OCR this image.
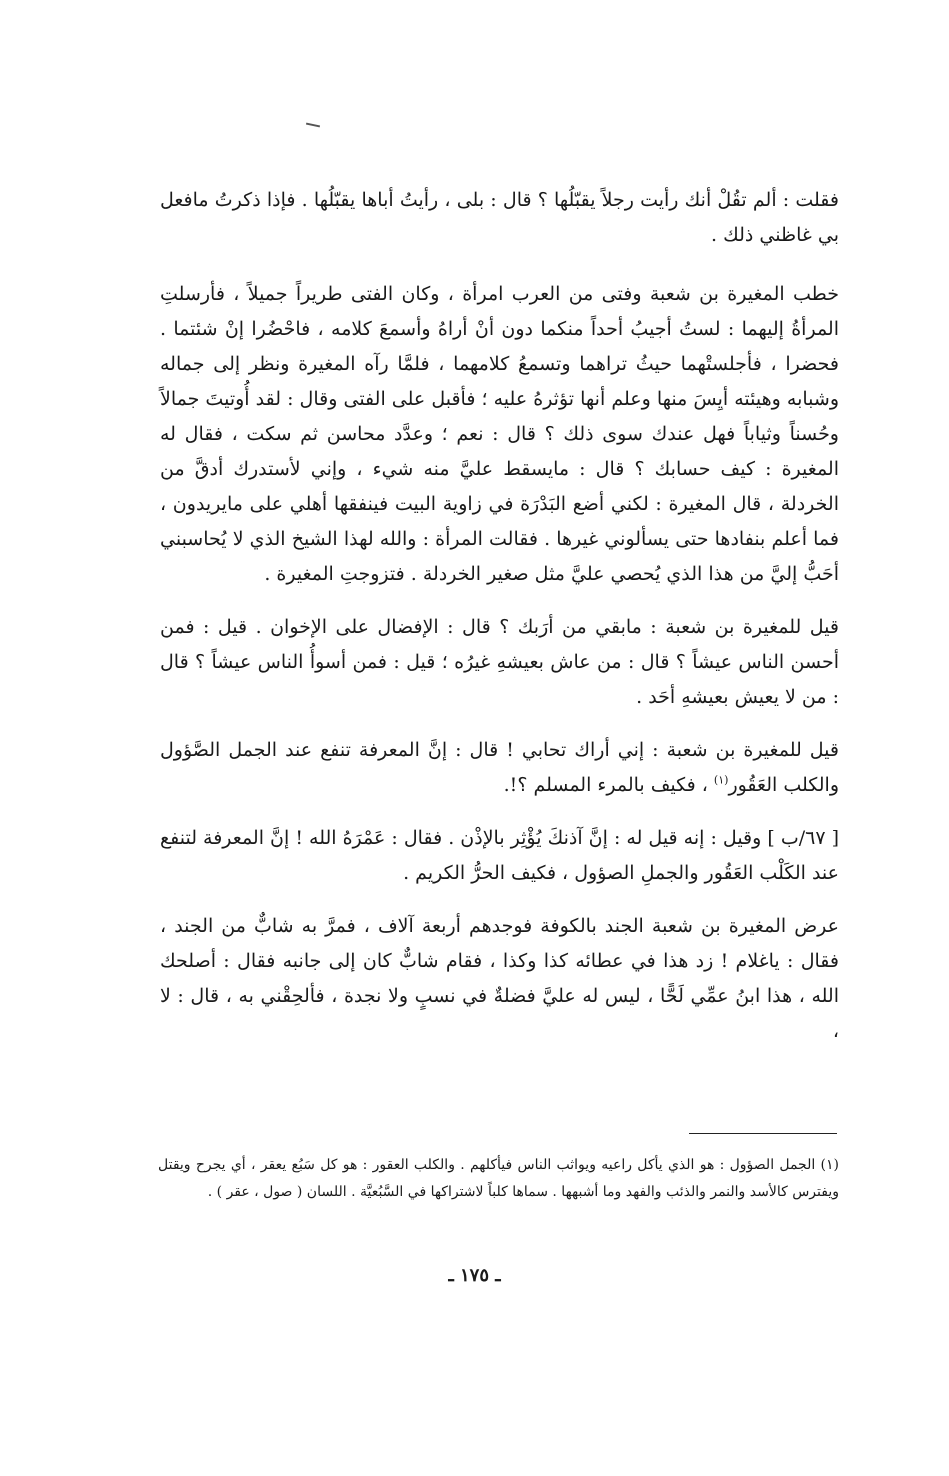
فقلت : ألم تقُلْ أنك رأيت رجلاً يقبّلُها ؟ قال : بلى ، رأيتُ أباها يقبّلُها . فإذا ذكرتُ مافعل بي غاظني ذلك .

خطب المغيرة بن شعبة وفتى من العرب امرأة ، وكان الفتى طريراً جميلاً ، فأرسلتِ المرأةُ إليهما : لستُ أجيبُ أحداً منكما دون أنْ أراهُ وأسمعَ كلامه ، فاحْضُرا إنْ شئتما . فحضرا ، فأجلستْهما حيثُ تراهما وتسمعُ كلامهما ، فلمَّا رآه المغيرة ونظر إلى جماله وشبابه وهيئته أيِسَ منها وعلم أنها تؤثرهُ عليه ؛ فأقبل على الفتى وقال : لقد أُوتيتَ جمالاً وحُسناً وثياباً فهل عندك سوى ذلك ؟ قال : نعم ؛ وعدَّد محاسن ثم سكت ، فقال له المغيرة : كيف حسابك ؟ قال : مايسقط عليَّ منه شيء ، وإني لأستدرك أدقَّ من الخردلة ، قال المغيرة : لكني أضع البَدْرَة في زاوية البيت فينفقها أهلي على مايريدون ، فما أعلم بنفادها حتى يسألوني غيرها . فقالت المرأة : والله لهذا الشيخ الذي لا يُحاسبني أحَبُّ إليَّ من هذا الذي يُحصي عليَّ مثل صغير الخردلة . فتزوجتِ المغيرة .

قيل للمغيرة بن شعبة : مابقي من أرَبك ؟ قال : الإفضال على الإخوان . قيل : فمن أحسن الناس عيشاً ؟ قال : من عاش بعيشهِ غيرُه ؛ قيل : فمن أسوأُ الناس عيشاً ؟ قال : من لا يعيش بعيشهِ أحَد .

قيل للمغيرة بن شعبة : إني أراك تحابي ! قال : إنَّ المعرفة تنفع عند الجمل الصَّؤول والكلب العَقُور$^{(١)}$ ، فكيف بالمرء المسلم ؟!.

[ ٦٧/ب ] وقيل : إنه قيل له : إنَّ آذنكَ يُؤْثِر بالإذْن . فقال : عَمْرَهُ الله ! إنَّ المعرفة لتنفع عند الكَلْب العَقُور والجملِ الصؤول ، فكيف الحرُّ الكريم .

عرض المغيرة بن شعبة الجند بالكوفة فوجدهم أربعة آلاف ، فمرَّ به شابٌّ من الجند ، فقال : ياغلام ! زد هذا في عطائه كذا وكذا ، فقام شابٌّ كان إلى جانبه فقال : أصلحك الله ، هذا ابنُ عمِّي لَحًّا ، ليس له عليَّ فضلةٌ في نسبٍ ولا نجدة ، فألحِقْني به ، قال : لا ،

(١) الجمل الصؤول : هو الذي يأكل راعيه ويواثب الناس فيأكلهم . والكلب العقور : هو كل سَبُع يعقر ، أي يجرح ويقتل ويفترس كالأسد والنمر والذئب والفهد وما أشبهها . سماها كلباً لاشتراكها في السَّبُعيَّة . اللسان ( صول ، عقر ) .
ـ ١٧٥ ـ
